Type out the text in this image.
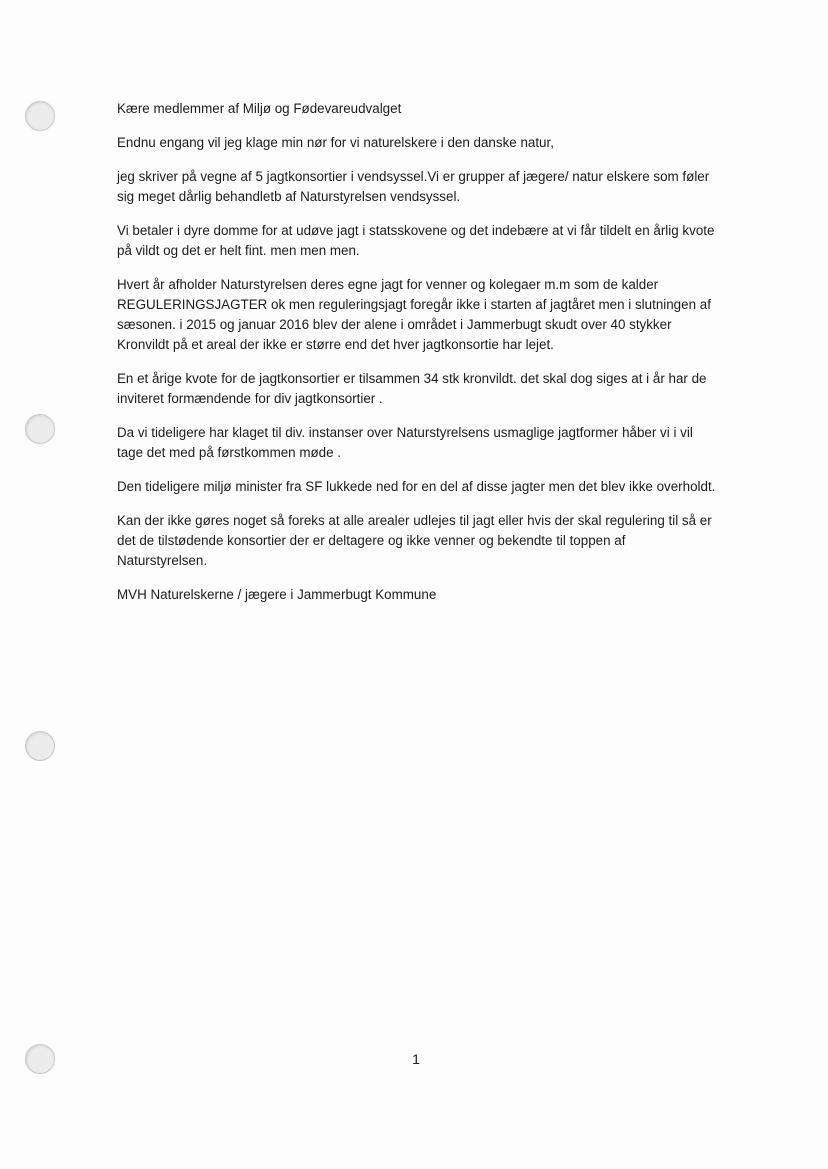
Kære medlemmer af Miljø og Fødevareudvalget

Endnu engang vil jeg klage min nør for vi naturelskere i den danske natur,

jeg skriver på vegne af 5 jagtkonsortier i vendsyssel.Vi er grupper af jægere/ natur elskere som føler sig meget dårlig behandletb af Naturstyrelsen vendsyssel.

Vi betaler i dyre domme for at udøve jagt i statsskovene og det indebære at vi får tildelt en årlig kvote på vildt og det er helt fint. men men men.

Hvert år afholder Naturstyrelsen deres egne jagt for venner og kolegaer m.m som de kalder REGULERINGSJAGTER ok men reguleringsjagt foregår ikke i starten af jagtåret men i slutningen af sæsonen. i 2015 og januar 2016 blev der alene i området i Jammerbugt skudt over 40 stykker Kronvildt på et areal der ikke er større end det hver jagtkonsortie har lejet.

En et årige kvote for de jagtkonsortier er tilsammen 34 stk kronvildt. det skal dog siges at i år har de inviteret formændende for div jagtkonsortier .

Da vi tideligere har klaget til div. instanser over Naturstyrelsens usmaglige jagtformer håber vi i vil tage det med på førstkommen møde .

Den tideligere miljø minister fra SF lukkede ned for en del af disse jagter men det blev ikke overholdt.

Kan der ikke gøres noget så foreks at alle arealer udlejes til jagt eller hvis der skal regulering til så er det de tilstødende konsortier der er deltagere og ikke venner og bekendte til toppen af Naturstyrelsen.

MVH Naturelskerne / jægere i Jammerbugt Kommune

1
